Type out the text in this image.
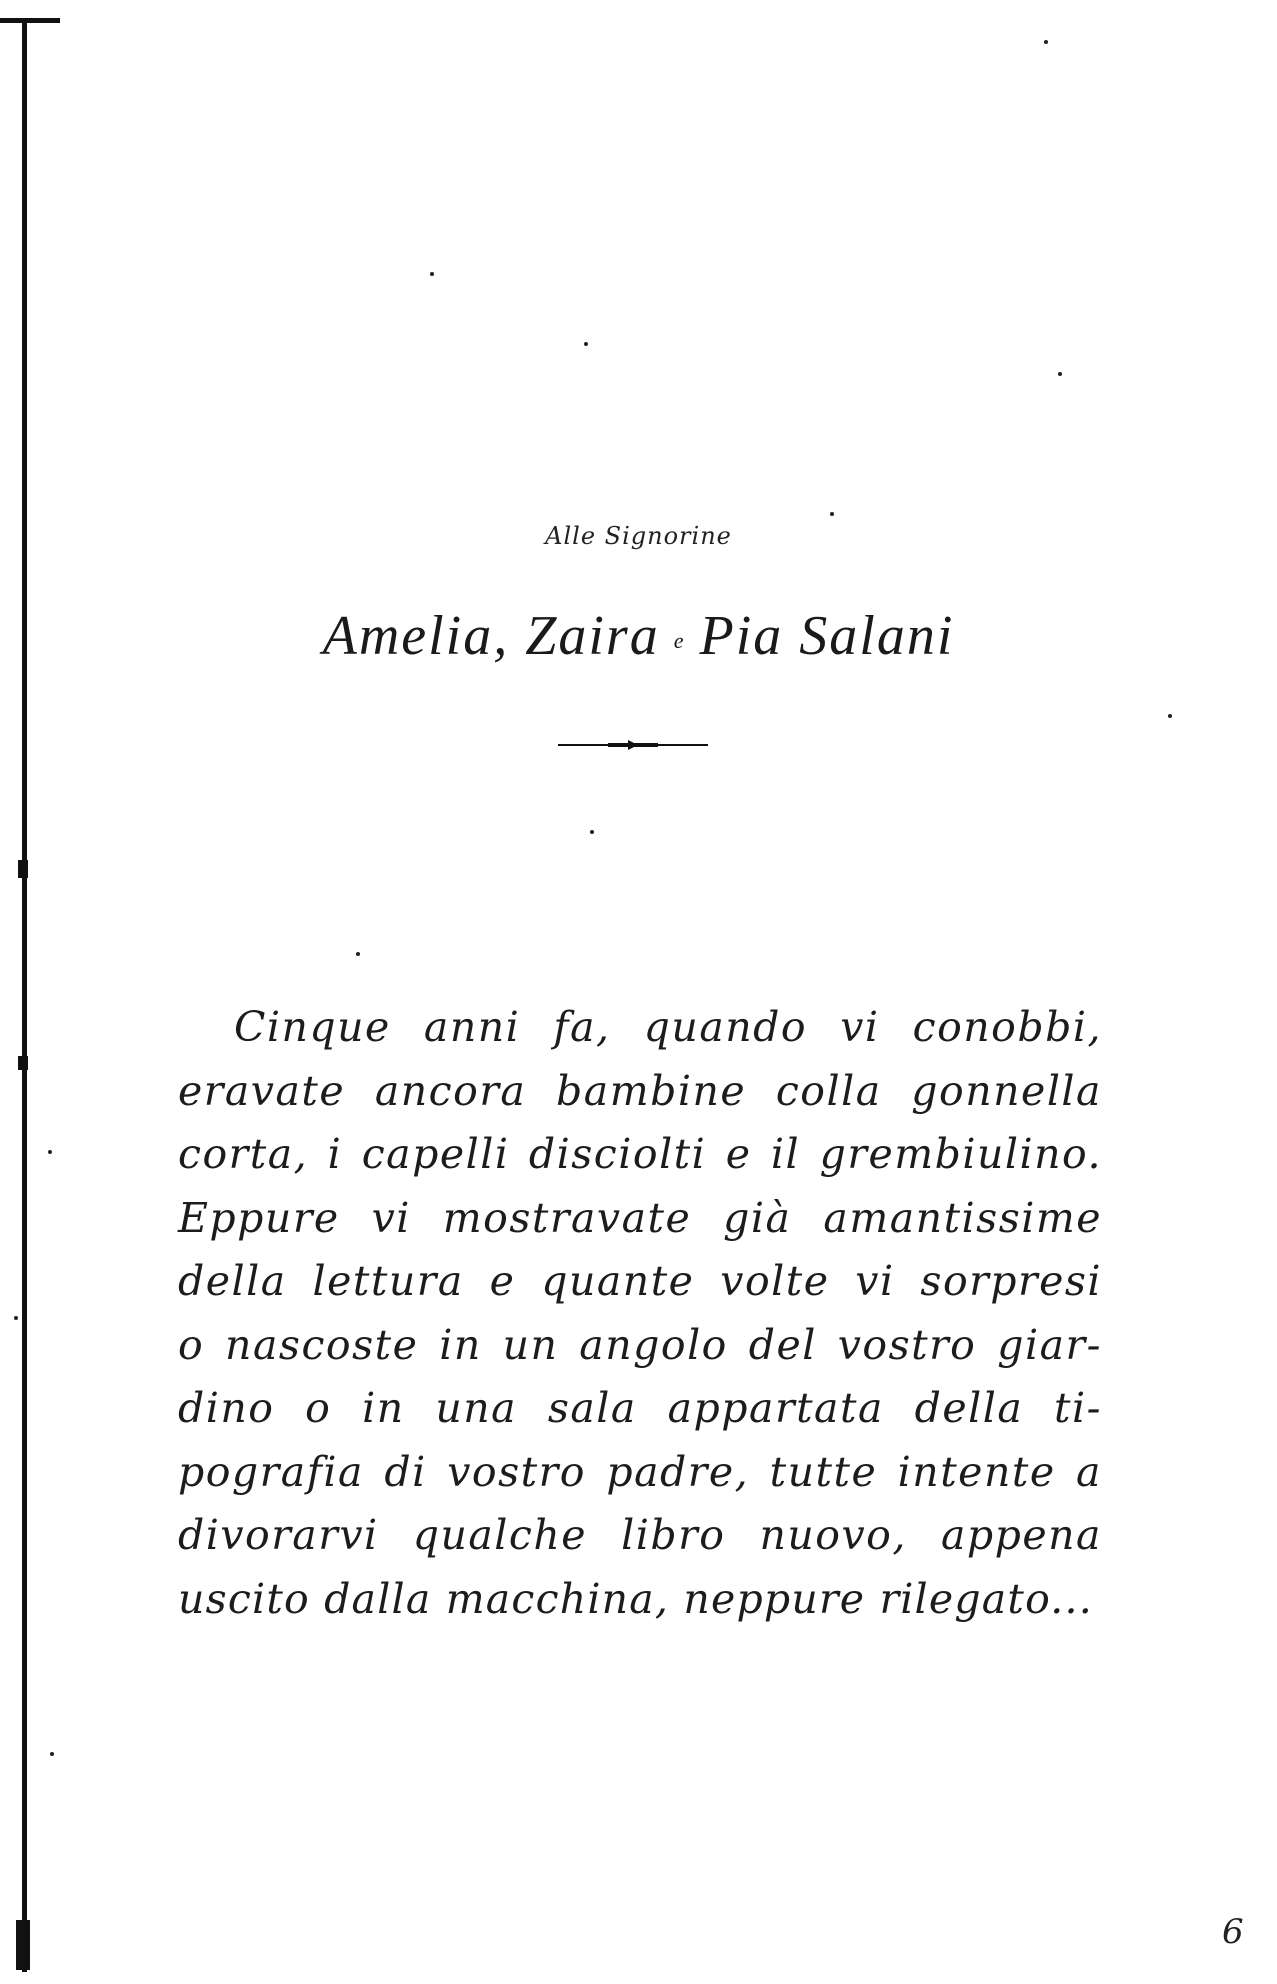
Alle Signorine
Amelia, Zaira e Pia Salani
Cinque anni fa, quando vi conobbi,
eravate ancora bambine colla gonnella
corta, i capelli disciolti e il grembiulino.
Eppure vi mostravate già amantissime
della lettura e quante volte vi sorpresi
o nascoste in un angolo del vostro giar-
dino o in una sala appartata della ti-
pografia di vostro padre, tutte intente a
divorarvi qualche libro nuovo, appena
uscito dalla macchina, neppure rilegato...
6
